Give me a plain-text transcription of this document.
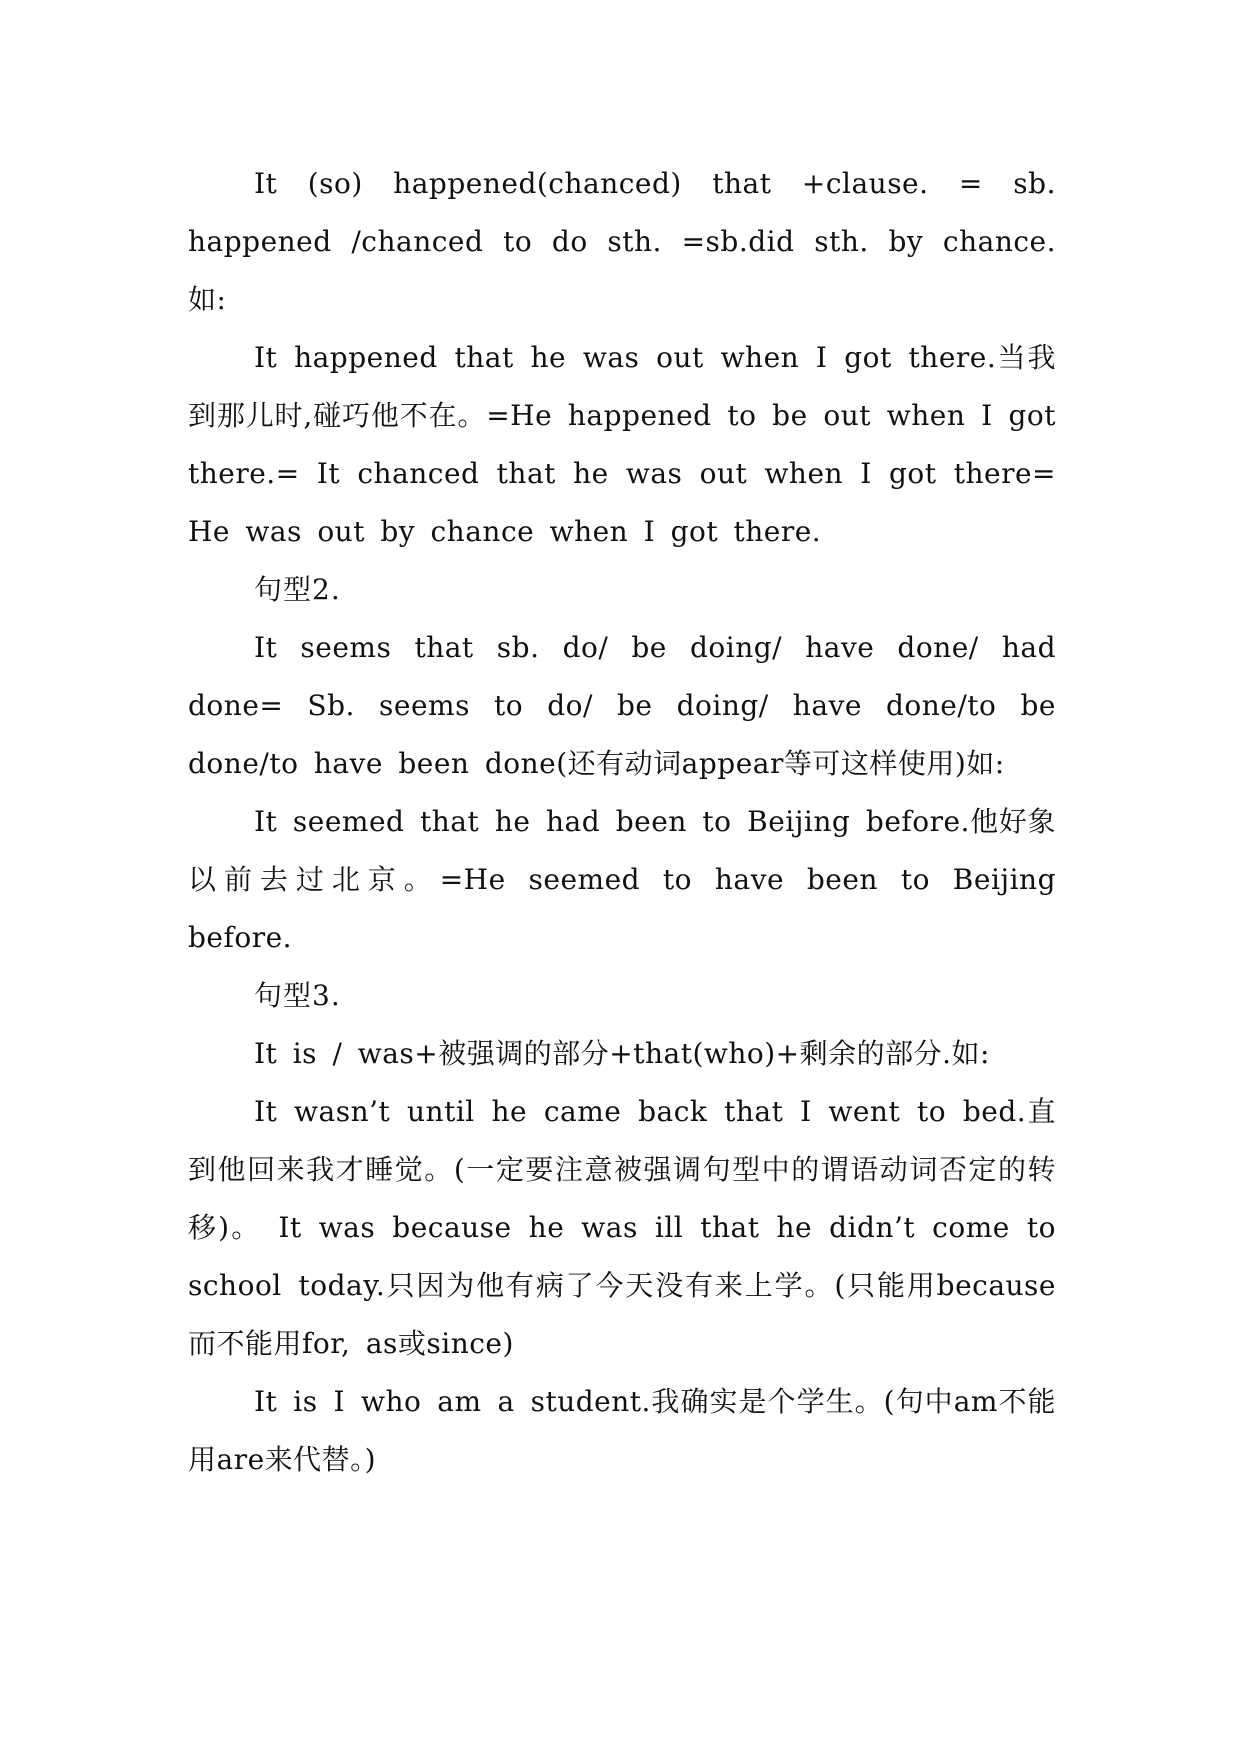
It (so) happened(chanced) that +clause. = sb. happened /chanced to do sth. =sb.did sth. by chance. 如:

It happened that he was out when I got there.当我到那儿时,碰巧他不在。=He happened to be out when I got there.= It chanced that he was out when I got there= He was out by chance when I got there.

句型2.

It seems that sb. do/ be doing/ have done/ had done= Sb. seems to do/ be doing/ have done/to be done/to have been done(还有动词appear等可这样使用)如:

It seemed that he had been to Beijing before.他好象以前去过北京。=He seemed to have been to Beijing before.

句型3.

It is / was+被强调的部分+that(who)+剩余的部分.如:

It wasn’t until he came back that I went to bed.直到他回来我才睡觉。(一定要注意被强调句型中的谓语动词否定的转移)。 It was because he was ill that he didn’t come to school today.只因为他有病了今天没有来上学。(只能用because而不能用for, as或since)

It is I who am a student.我确实是个学生。(句中am不能用are来代替。)
